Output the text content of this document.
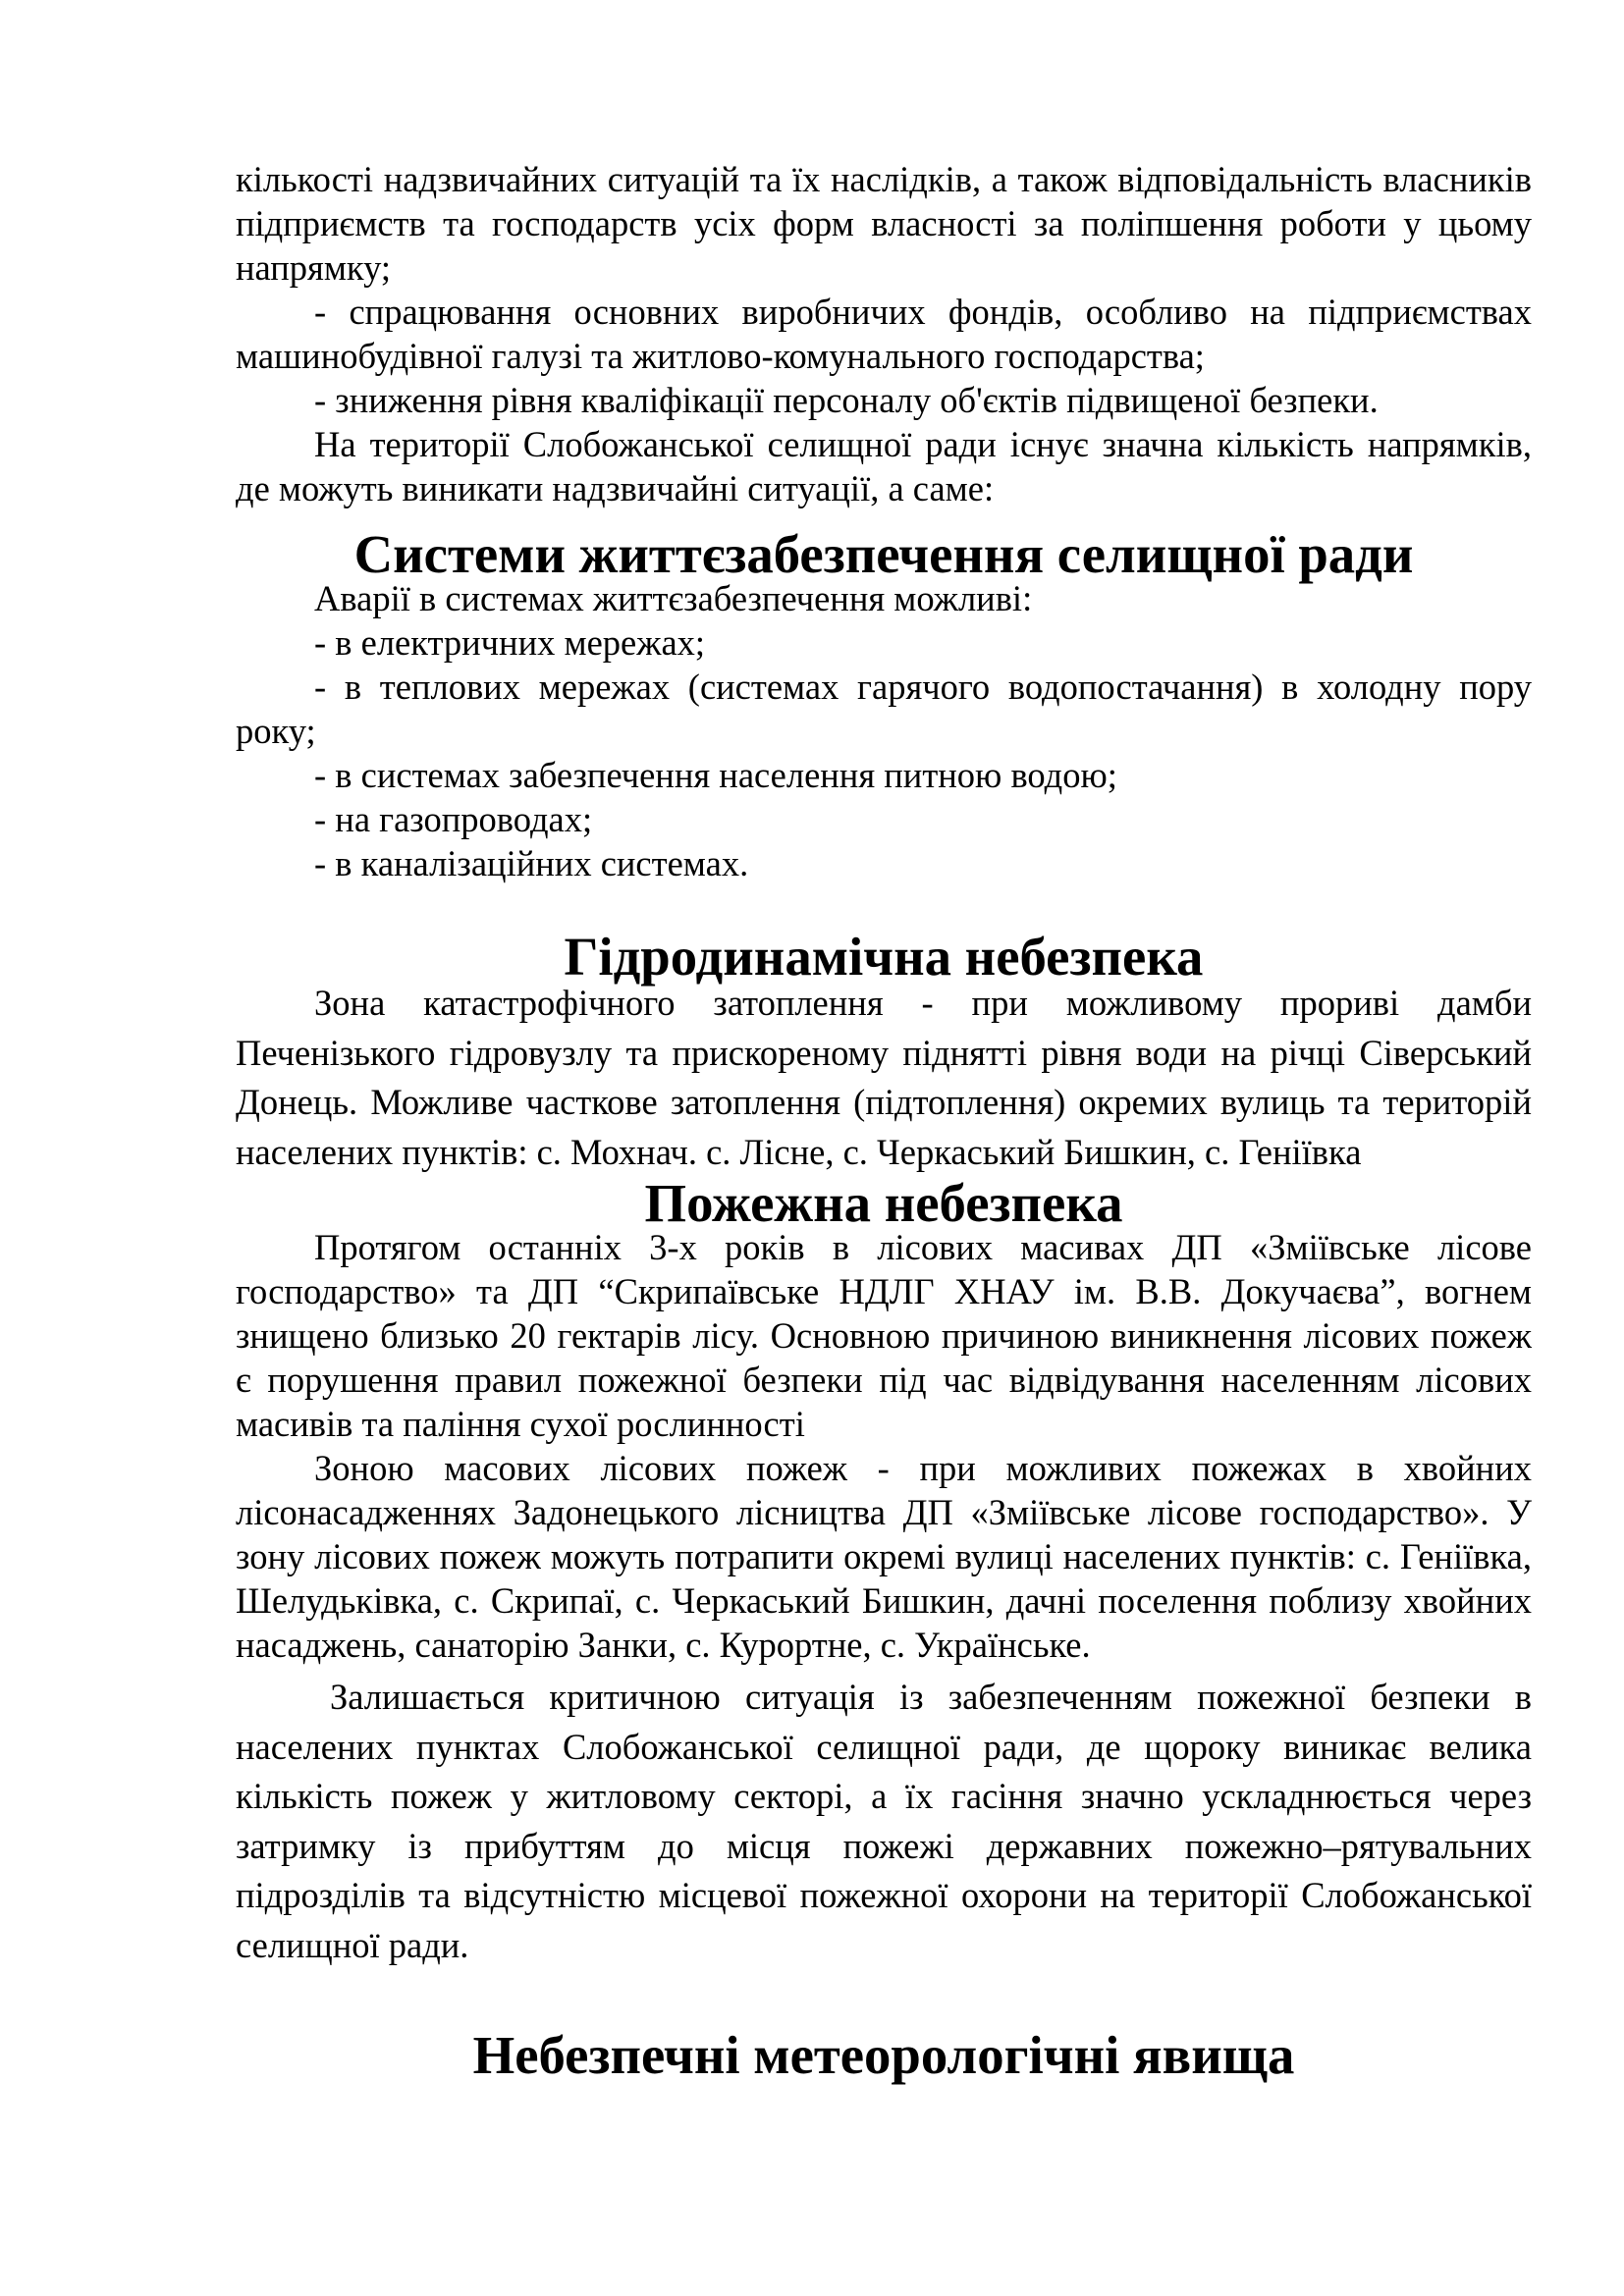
кількості надзвичайних ситуацій та їх наслідків, а також відповідальність власників підприємств та господарств усіх форм власності за поліпшення роботи у цьому напрямку;

- спрацювання основних виробничих фондів, особливо на підприємствах машинобудівної галузі та житлово-комунального господарства;

- зниження рівня кваліфікації персоналу об'єктів підвищеної безпеки.

На території Слобожанської селищної ради існує значна кількість напрямків, де можуть виникати надзвичайні ситуації, а саме:

Системи життєзабезпечення селищної ради

Аварії в системах життєзабезпечення можливі:

- в електричних мережах;

- в теплових мережах (системах гарячого водопостачання) в холодну пору року;

- в системах забезпечення населення питною водою;

- на газопроводах;

- в каналізаційних системах.

Гідродинамічна небезпека

Зона катастрофічного затоплення - при можливому прориві дамби Печенізького гідровузлу та прискореному піднятті рівня води на річці Сіверський Донець. Можливе часткове затоплення (підтоплення) окремих вулиць та територій населених пунктів: с. Мохнач. с. Лісне, с. Черкаський Бишкин, с. Геніївка

Пожежна небезпека

Протягом останніх 3-х років в лісових масивах ДП «Зміївське лісове господарство» та ДП “Скрипаївське НДЛГ ХНАУ ім. В.В. Докучаєва”, вогнем знищено близько 20 гектарів лісу. Основною причиною виникнення лісових пожеж є порушення правил пожежної безпеки під час відвідування населенням лісових масивів та паління сухої рослинності

Зоною масових лісових пожеж - при можливих пожежах в хвойних лісонасадженнях Задонецького лісництва ДП «Зміївське лісове господарство». У зону лісових пожеж можуть потрапити окремі вулиці населених пунктів: с. Геніївка, Шелудьківка, с. Скрипаї, с. Черкаський Бишкин, дачні поселення поблизу хвойних насаджень, санаторію Занки, с. Курортне, с. Українське.

Залишається критичною ситуація із забезпеченням пожежної безпеки в населених пунктах Слобожанської селищної ради, де щороку виникає велика кількість пожеж у житловому секторі, а їх гасіння значно ускладнюється через затримку із прибуттям до місця пожежі державних пожежно–рятувальних підрозділів та відсутністю місцевої пожежної охорони на території Слобожанської селищної ради.

Небезпечні метеорологічні явища
